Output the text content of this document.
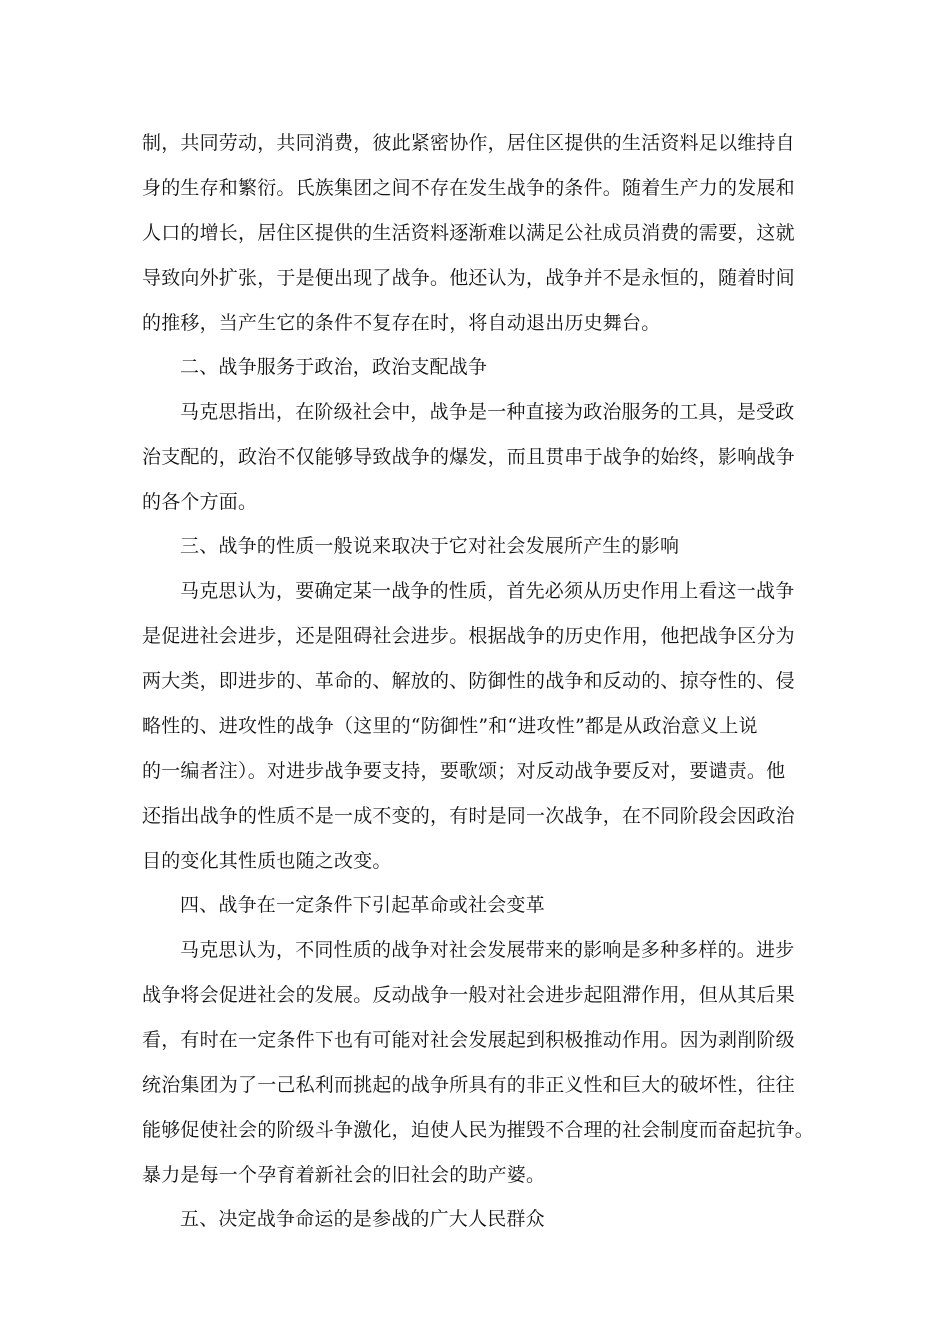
制，共同劳动，共同消费，彼此紧密协作，居住区提供的生活资料足以维持自
身的生存和繁衍。氏族集团之间不存在发生战争的条件。随着生产力的发展和
人口的增长，居住区提供的生活资料逐渐难以满足公社成员消费的需要，这就
导致向外扩张，于是便出现了战争。他还认为，战争并不是永恒的，随着时间
的推移，当产生它的条件不复存在时，将自动退出历史舞台。
二、战争服务于政治，政治支配战争
马克思指出，在阶级社会中，战争是一种直接为政治服务的工具，是受政
治支配的，政治不仅能够导致战争的爆发，而且贯串于战争的始终，影响战争
的各个方面。
三、战争的性质一般说来取决于它对社会发展所产生的影响
马克思认为，要确定某一战争的性质，首先必须从历史作用上看这一战争
是促进社会进步，还是阻碍社会进步。根据战争的历史作用，他把战争区分为
两大类，即进步的、革命的、解放的、防御性的战争和反动的、掠夺性的、侵
略性的、进攻性的战争（这里的“防御性”和“进攻性”都是从政治意义上说
的一编者注）。对进步战争要支持，要歌颂；对反动战争要反对，要谴责。他
还指出战争的性质不是一成不变的，有时是同一次战争，在不同阶段会因政治
目的变化其性质也随之改变。
四、战争在一定条件下引起革命或社会变革
马克思认为，不同性质的战争对社会发展带来的影响是多种多样的。进步
战争将会促进社会的发展。反动战争一般对社会进步起阻滞作用，但从其后果
看，有时在一定条件下也有可能对社会发展起到积极推动作用。因为剥削阶级
统治集团为了一己私利而挑起的战争所具有的非正义性和巨大的破坏性，往往
能够促使社会的阶级斗争激化，迫使人民为摧毁不合理的社会制度而奋起抗争。
暴力是每一个孕育着新社会的旧社会的助产婆。
五、决定战争命运的是参战的广大人民群众
